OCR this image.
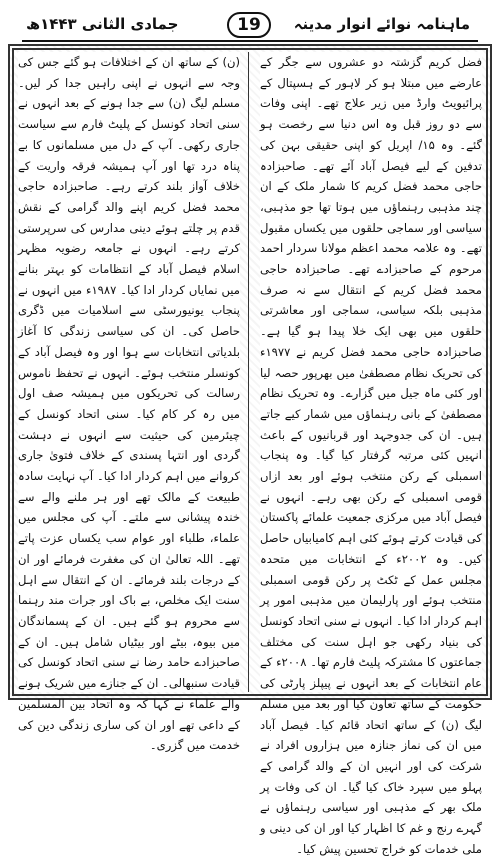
ماہنامہ نوائے انوار مدینہ
19
جمادی الثانی ۱۴۴۳ھ

فضل کریم گزشتہ دو عشروں سے جگر کے عارضے میں مبتلا ہو کر لاہور کے ہسپتال کے پرائیویٹ وارڈ میں زیر علاج تھے۔ اپنی وفات سے دو روز قبل وہ اس دنیا سے رخصت ہو گئے۔ وہ ۱۵/ اپریل کو اپنی حقیقی بہن کی تدفین کے لیے فیصل آباد آئے تھے۔ صاحبزادہ حاجی محمد فضل کریم کا شمار ملک کے ان چند مذہبی رہنماؤں میں ہوتا تھا جو مذہبی، سیاسی اور سماجی حلقوں میں یکساں مقبول تھے۔ وہ علامہ محمد اعظم مولانا سردار احمد مرحوم کے صاحبزادے تھے۔ صاحبزادہ حاجی محمد فضل کریم کے انتقال سے نہ صرف مذہبی بلکہ سیاسی، سماجی اور معاشرتی حلقوں میں بھی ایک خلا پیدا ہو گیا ہے۔ صاحبزادہ حاجی محمد فضل کریم نے ۱۹۷۷ء کی تحریک نظام مصطفیٰ میں بھرپور حصہ لیا اور کئی ماہ جیل میں گزارے۔ وہ تحریک نظام مصطفیٰ کے بانی رہنماؤں میں شمار کیے جاتے ہیں۔ ان کی جدوجہد اور قربانیوں کے باعث انہیں کئی مرتبہ گرفتار کیا گیا۔ وہ پنجاب اسمبلی کے رکن منتخب ہوئے اور بعد ازاں قومی اسمبلی کے رکن بھی رہے۔ انہوں نے فیصل آباد میں مرکزی جمعیت علمائے پاکستان کی قیادت کرتے ہوئے کئی اہم کامیابیاں حاصل کیں۔ وہ ۲۰۰۲ء کے انتخابات میں متحدہ مجلس عمل کے ٹکٹ پر رکن قومی اسمبلی منتخب ہوئے اور پارلیمان میں مذہبی امور پر اہم کردار ادا کیا۔ انہوں نے سنی اتحاد کونسل کی بنیاد رکھی جو اہل سنت کی مختلف جماعتوں کا مشترکہ پلیٹ فارم تھا۔ ۲۰۰۸ء کے عام انتخابات کے بعد انہوں نے پیپلز پارٹی کی حکومت کے ساتھ تعاون کیا اور بعد میں مسلم لیگ (ن) کے ساتھ اتحاد قائم کیا۔ فیصل آباد میں ان کی نماز جنازہ میں ہزاروں افراد نے شرکت کی اور انہیں ان کے والد گرامی کے پہلو میں سپرد خاک کیا گیا۔ ان کی وفات پر ملک بھر کے مذہبی اور سیاسی رہنماؤں نے گہرے رنج و غم کا اظہار کیا اور ان کی دینی و ملی خدمات کو خراج تحسین پیش کیا۔

(ن) کے ساتھ ان کے اختلافات ہو گئے جس کی وجہ سے انہوں نے اپنی راہیں جدا کر لیں۔ مسلم لیگ (ن) سے جدا ہونے کے بعد انہوں نے سنی اتحاد کونسل کے پلیٹ فارم سے سیاست جاری رکھی۔ آپ کے دل میں مسلمانوں کا بے پناہ درد تھا اور آپ ہمیشہ فرقہ واریت کے خلاف آواز بلند کرتے رہے۔ صاحبزادہ حاجی محمد فضل کریم اپنے والد گرامی کے نقش قدم پر چلتے ہوئے دینی مدارس کی سرپرستی کرتے رہے۔ انہوں نے جامعہ رضویہ مظہر اسلام فیصل آباد کے انتظامات کو بہتر بنانے میں نمایاں کردار ادا کیا۔ ۱۹۸۷ء میں انہوں نے پنجاب یونیورسٹی سے اسلامیات میں ڈگری حاصل کی۔ ان کی سیاسی زندگی کا آغاز بلدیاتی انتخابات سے ہوا اور وہ فیصل آباد کے کونسلر منتخب ہوئے۔ انہوں نے تحفظ ناموس رسالت کی تحریکوں میں ہمیشہ صف اول میں رہ کر کام کیا۔ سنی اتحاد کونسل کے چیئرمین کی حیثیت سے انہوں نے دہشت گردی اور انتہا پسندی کے خلاف فتویٰ جاری کروانے میں اہم کردار ادا کیا۔ آپ نہایت سادہ طبیعت کے مالک تھے اور ہر ملنے والے سے خندہ پیشانی سے ملتے۔ آپ کی مجلس میں علماء، طلباء اور عوام سب یکساں عزت پاتے تھے۔ اللہ تعالیٰ ان کی مغفرت فرمائے اور ان کے درجات بلند فرمائے۔ ان کے انتقال سے اہل سنت ایک مخلص، بے باک اور جرات مند رہنما سے محروم ہو گئے ہیں۔ ان کے پسماندگان میں بیوہ، بیٹے اور بیٹیاں شامل ہیں۔ ان کے صاحبزادے حامد رضا نے سنی اتحاد کونسل کی قیادت سنبھالی۔ ان کے جنازے میں شریک ہونے والے علماء نے کہا کہ وہ اتحاد بین المسلمین کے داعی تھے اور ان کی ساری زندگی دین کی خدمت میں گزری۔
